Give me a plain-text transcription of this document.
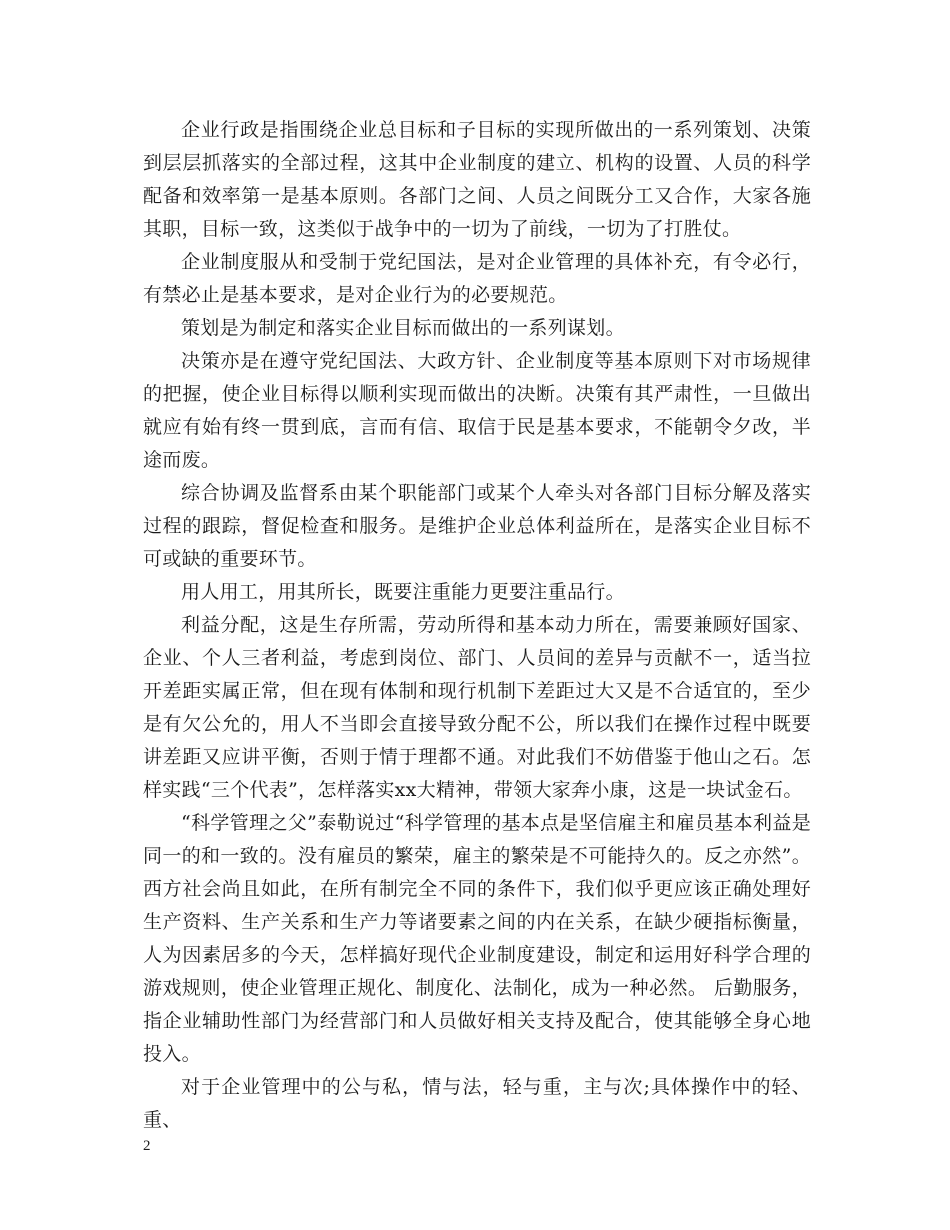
企业行政是指围绕企业总目标和子目标的实现所做出的一系列策划、决策到层层抓落实的全部过程，这其中企业制度的建立、机构的设置、人员的科学配备和效率第一是基本原则。各部门之间、人员之间既分工又合作，大家各施其职，目标一致，这类似于战争中的一切为了前线，一切为了打胜仗。

企业制度服从和受制于党纪国法，是对企业管理的具体补充，有令必行，有禁必止是基本要求，是对企业行为的必要规范。

策划是为制定和落实企业目标而做出的一系列谋划。

决策亦是在遵守党纪国法、大政方针、企业制度等基本原则下对市场规律的把握，使企业目标得以顺利实现而做出的决断。决策有其严肃性，一旦做出就应有始有终一贯到底，言而有信、取信于民是基本要求，不能朝令夕改，半途而废。

综合协调及监督系由某个职能部门或某个人牵头对各部门目标分解及落实过程的跟踪，督促检查和服务。是维护企业总体利益所在，是落实企业目标不可或缺的重要环节。

用人用工，用其所长，既要注重能力更要注重品行。

利益分配，这是生存所需，劳动所得和基本动力所在，需要兼顾好国家、企业、个人三者利益，考虑到岗位、部门、人员间的差异与贡献不一，适当拉开差距实属正常，但在现有体制和现行机制下差距过大又是不合适宜的，至少是有欠公允的，用人不当即会直接导致分配不公，所以我们在操作过程中既要讲差距又应讲平衡，否则于情于理都不通。对此我们不妨借鉴于他山之石。怎样实践“三个代表”，怎样落实xx大精神，带领大家奔小康，这是一块试金石。

“科学管理之父”泰勒说过“科学管理的基本点是坚信雇主和雇员基本利益是同一的和一致的。没有雇员的繁荣，雇主的繁荣是不可能持久的。反之亦然”。西方社会尚且如此，在所有制完全不同的条件下，我们似乎更应该正确处理好生产资料、生产关系和生产力等诸要素之间的内在关系，在缺少硬指标衡量，人为因素居多的今天，怎样搞好现代企业制度建设，制定和运用好科学合理的游戏规则，使企业管理正规化、制度化、法制化，成为一种必然。 后勤服务，指企业辅助性部门为经营部门和人员做好相关支持及配合，使其能够全身心地投入。

对于企业管理中的公与私，情与法，轻与重，主与次;具体操作中的轻、重、

2
